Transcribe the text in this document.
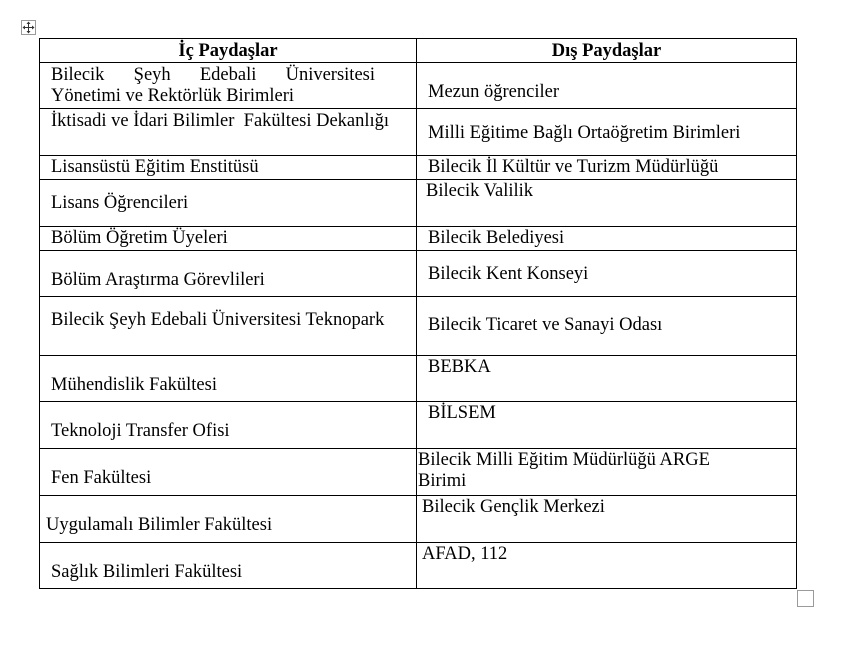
İç Paydaşlar	Dış Paydaşlar

Bilecik Şeyh Edebali Üniversitesi
Yönetimi ve Rektörlük Birimleri	Mezun öğrenciler

İktisadi ve İdari Bilimler  Fakültesi Dekanlığı	Milli Eğitime Bağlı Ortaöğretim Birimleri

Lisansüstü Eğitim Enstitüsü	Bilecik İl Kültür ve Turizm Müdürlüğü

Lisans Öğrencileri	Bilecik Valilik

Bölüm Öğretim Üyeleri	Bilecik Belediyesi

Bölüm Araştırma Görevlileri	Bilecik Kent Konseyi

Bilecik Şeyh Edebali Üniversitesi Teknopark	Bilecik Ticaret ve Sanayi Odası

Mühendislik Fakültesi	BEBKA

Teknoloji Transfer Ofisi	BİLSEM

Fen Fakültesi	Bilecik Milli Eğitim Müdürlüğü ARGE
Birimi

Uygulamalı Bilimler Fakültesi	Bilecik Gençlik Merkezi

Sağlık Bilimleri Fakültesi	AFAD, 112
